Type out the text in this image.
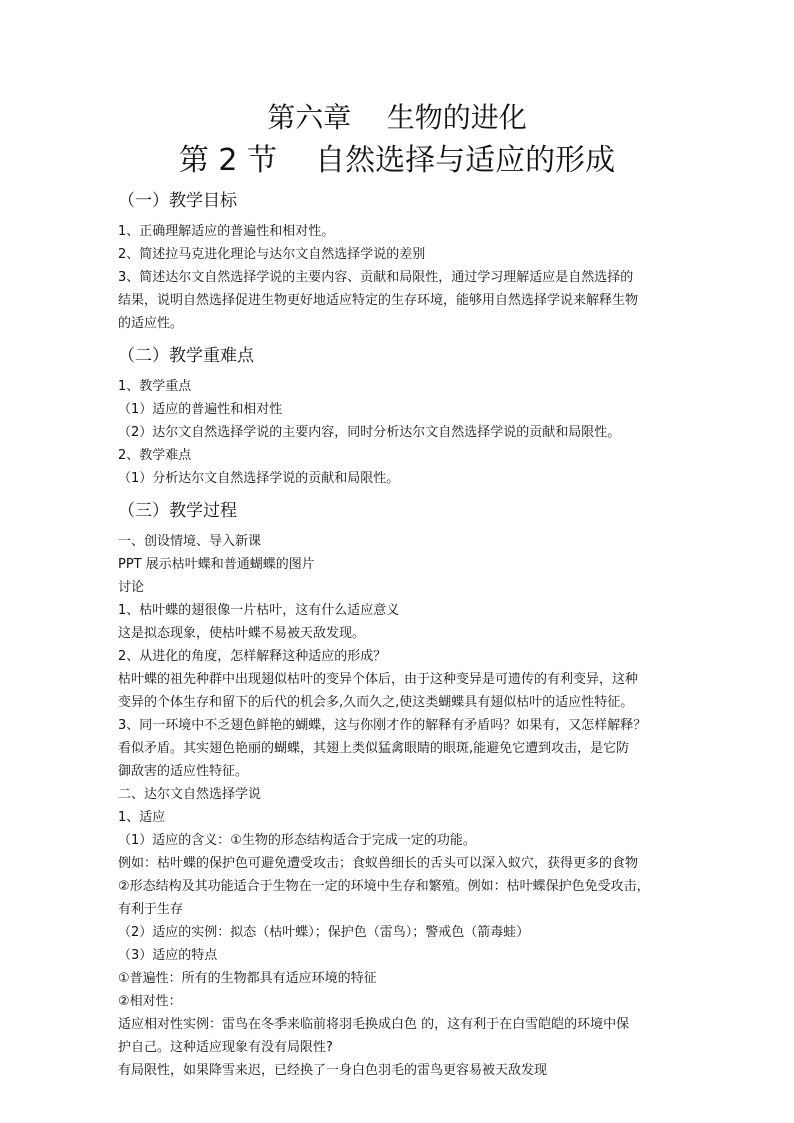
第六章    生物的进化
第 2 节    自然选择与适应的形成
（一）教学目标
1、正确理解适应的普遍性和相对性。
2、简述拉马克进化理论与达尔文自然选择学说的差别
3、简述达尔文自然选择学说的主要内容、贡献和局限性，通过学习理解适应是自然选择的
结果，说明自然选择促进生物更好地适应特定的生存环境，能够用自然选择学说来解释生物
的适应性。
（二）教学重难点
1、教学重点
（1）适应的普遍性和相对性
（2）达尔文自然选择学说的主要内容，同时分析达尔文自然选择学说的贡献和局限性。
2、教学难点
（1）分析达尔文自然选择学说的贡献和局限性。
（三）教学过程
一、创设情境、导入新课
PPT 展示枯叶蝶和普通蝴蝶的图片
讨论
1、枯叶蝶的翅很像一片枯叶，这有什么适应意义
这是拟态现象，使枯叶蝶不易被天敌发现。
2、从进化的角度，怎样解释这种适应的形成？
枯叶蝶的祖先种群中出现翅似枯叶的变异个体后，由于这种变异是可遗传的有利变异，这种
变异的个体生存和留下的后代的机会多,久而久之,使这类蝴蝶具有翅似枯叶的适应性特征。
3、同一环境中不乏翅色鲜艳的蝴蝶，这与你刚才作的解释有矛盾吗？如果有，又怎样解释？
看似矛盾。其实翅色艳丽的蝴蝶，其翅上类似猛禽眼睛的眼斑,能避免它遭到攻击，是它防
御敌害的适应性特征。
二、达尔文自然选择学说
1、适应
（1）适应的含义：①生物的形态结构适合于完成一定的功能。
例如：枯叶蝶的保护色可避免遭受攻击；食蚁兽细长的舌头可以深入蚁穴，获得更多的食物
②形态结构及其功能适合于生物在一定的环境中生存和繁殖。例如：枯叶蝶保护色免受攻击，
有利于生存
（2）适应的实例：拟态（枯叶蝶）；保护色（雷鸟）；警戒色（箭毒蛙）
（3）适应的特点
①普遍性：所有的生物都具有适应环境的特征
②相对性：
适应相对性实例：雷鸟在冬季来临前将羽毛换成白色 的，这有利于在白雪皑皑的环境中保
护自己。这种适应现象有没有局限性?
有局限性，如果降雪来迟，已经换了一身白色羽毛的雷鸟更容易被天敌发现
